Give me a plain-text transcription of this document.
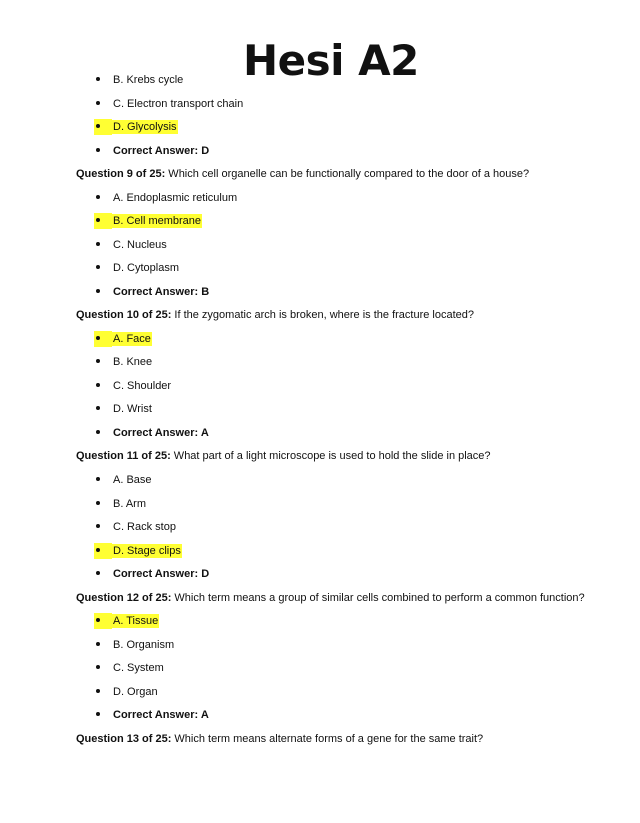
Hesi A2
B. Krebs cycle
C. Electron transport chain
D. Glycolysis
Correct Answer: D
Question 9 of 25: Which cell organelle can be functionally compared to the door of a house?
A. Endoplasmic reticulum
B. Cell membrane
C. Nucleus
D. Cytoplasm
Correct Answer: B
Question 10 of 25: If the zygomatic arch is broken, where is the fracture located?
A. Face
B. Knee
C. Shoulder
D. Wrist
Correct Answer: A
Question 11 of 25: What part of a light microscope is used to hold the slide in place?
A. Base
B. Arm
C. Rack stop
D. Stage clips
Correct Answer: D
Question 12 of 25: Which term means a group of similar cells combined to perform a common function?
A. Tissue
B. Organism
C. System
D. Organ
Correct Answer: A
Question 13 of 25: Which term means alternate forms of a gene for the same trait?
